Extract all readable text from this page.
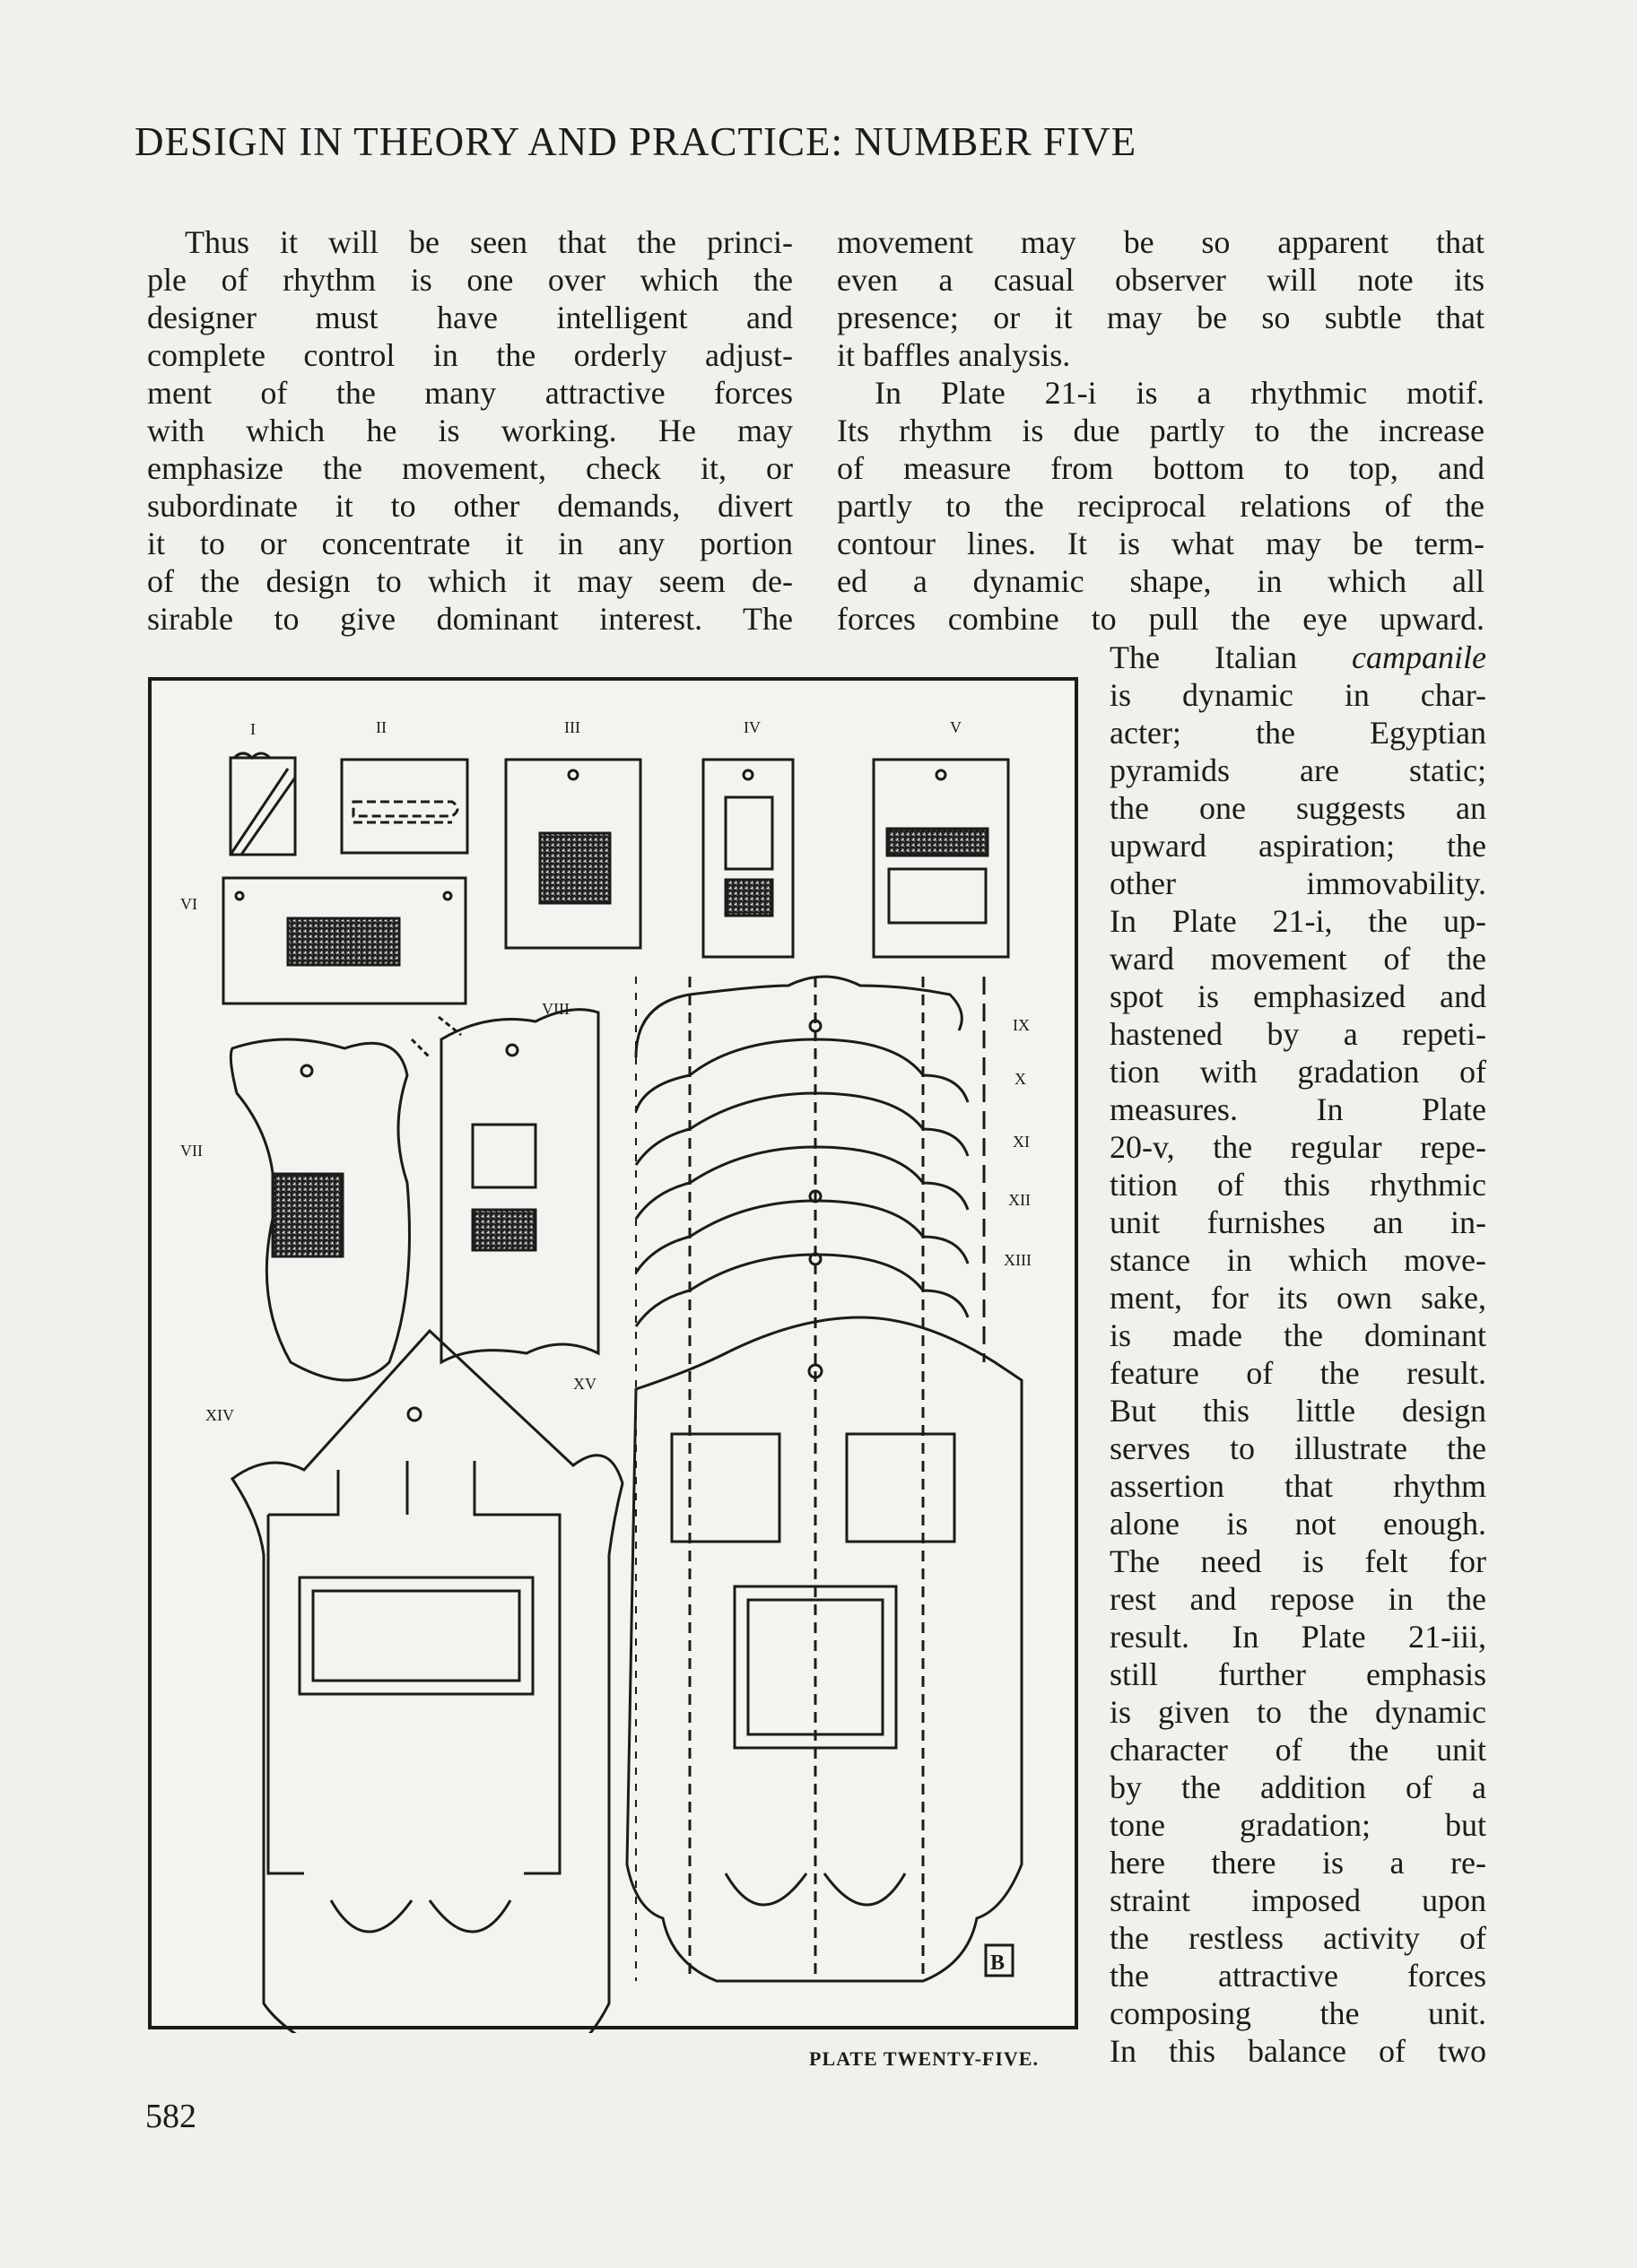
DESIGN IN THEORY AND PRACTICE: NUMBER FIVE
Thus it will be seen that the princi-
ple of rhythm is one over which the
designer must have intelligent and
complete control in the orderly adjust-
ment of the many attractive forces
with which he is working. He may
emphasize the movement, check it, or
subordinate it to other demands, divert
it to or concentrate it in any portion
of the design to which it may seem de-
sirable to give dominant interest. The
movement may be so apparent that
even a casual observer will note its
presence; or it may be so subtle that
it baffles analysis.
In Plate 21-i is a rhythmic motif.
Its rhythm is due partly to the increase
of measure from bottom to top, and
partly to the reciprocal relations of the
contour lines. It is what may be term-
ed a dynamic shape, in which all
forces combine to pull the eye upward.
The Italian campanile
is dynamic in char-
acter; the Egyptian
pyramids are static;
the one suggests an
upward aspiration; the
other immovability.
In Plate 21-i, the up-
ward movement of the
spot is emphasized and
hastened by a repeti-
tion with gradation of
measures. In Plate
20-v, the regular repe-
tition of this rhythmic
unit furnishes an in-
stance in which move-
ment, for its own sake,
is made the dominant
feature of the result.
But this little design
serves to illustrate the
assertion that rhythm
alone is not enough.
The need is felt for
rest and repose in the
result. In Plate 21-iii,
still further emphasis
is given to the dynamic
character of the unit
by the addition of a
tone gradation; but
here there is a re-
straint imposed upon
the restless activity of
the attractive forces
composing the unit.
In this balance of two
I	II
VI
III	IV	V
VII
VIII
IX
X
XI
XII
XIII
XIV
XV
B
PLATE TWENTY-FIVE.
582
